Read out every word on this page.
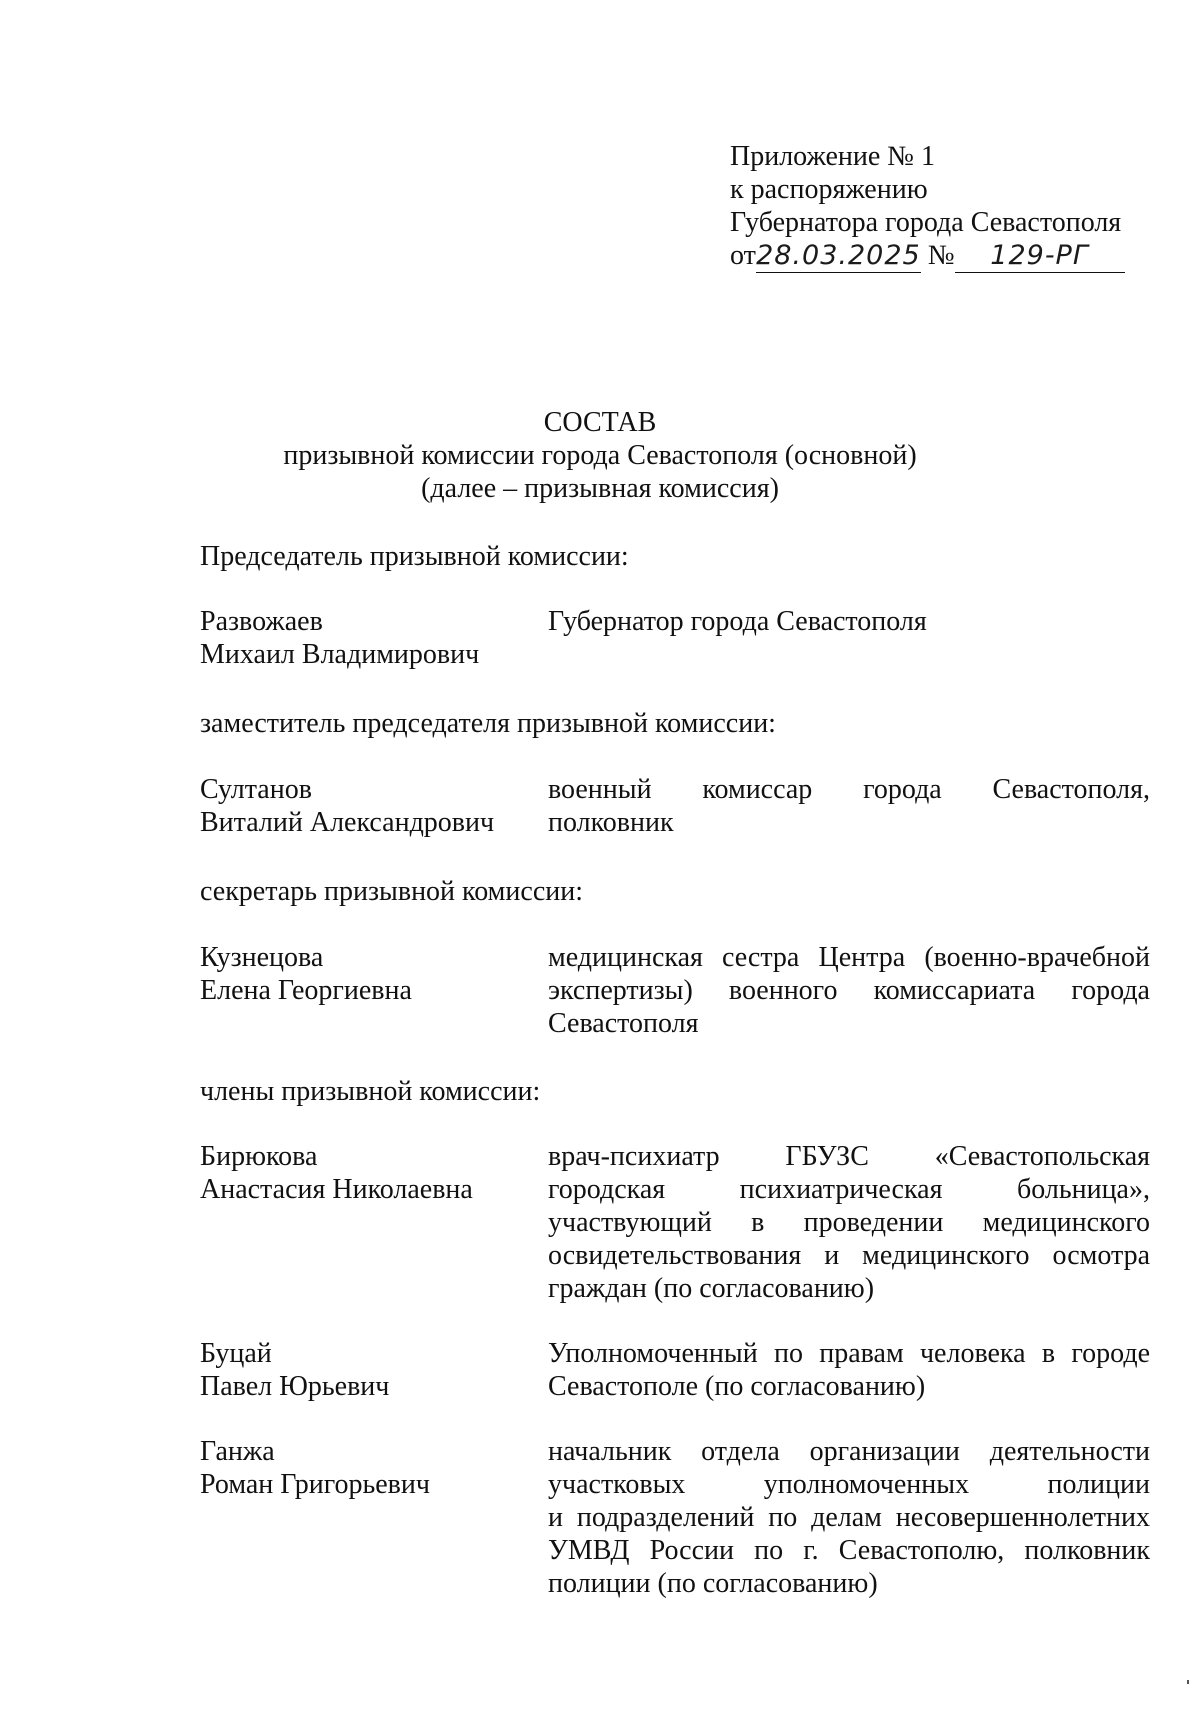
Приложение № 1
к распоряжению
Губернатора города Севастополя
от28.03.2025 № 129-РГ
СОСТАВ
призывной комиссии города Севастополя (основной)
(далее – призывная комиссия)
Председатель призывной комиссии:
Развожаев
Михаил Владимирович
Губернатор города Севастополя
заместитель председателя призывной комиссии:
Султанов
Виталий Александрович
военный комиссар города Севастополя,
полковник
секретарь призывной комиссии:
Кузнецова
Елена Георгиевна
медицинская сестра Центра (военно-врачебной
экспертизы) военного комиссариата города
Севастополя
члены призывной комиссии:
Бирюкова
Анастасия Николаевна
врач-психиатр ГБУЗС «Севастопольская
городская психиатрическая больница»,
участвующий в проведении медицинского
освидетельствования и медицинского осмотра
граждан (по согласованию)
Буцай
Павел Юрьевич
Уполномоченный по правам человека в городе
Севастополе (по согласованию)
Ганжа
Роман Григорьевич
начальник отдела организации деятельности
участковых уполномоченных полиции
и подразделений по делам несовершеннолетних
УМВД России по г. Севастополю, полковник
полиции (по согласованию)
